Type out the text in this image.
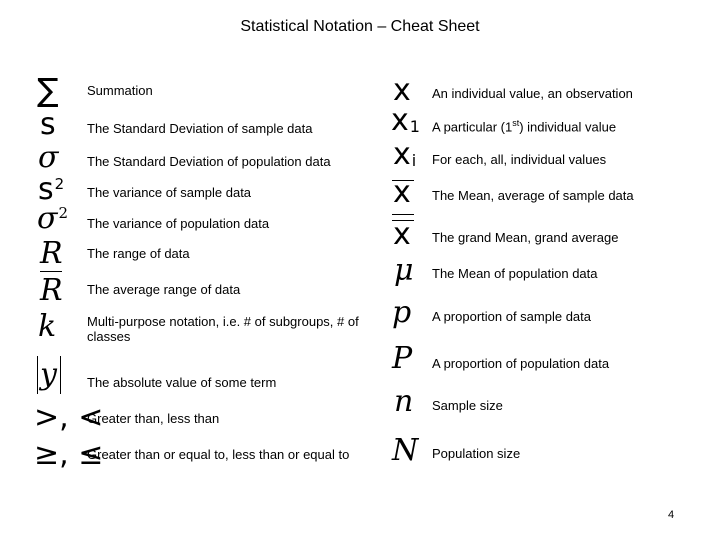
Statistical Notation – Cheat Sheet
∑ Summation
s The Standard Deviation of sample data
σ The Standard Deviation of population data
$s^2$ The variance of sample data
$\sigma^2$
The variance of population data
R The range of data
R The average range of data
k Multi-purpose notation, i.e. # of subgroups, # of classes
y The absolute value of some term
>, <
Greater than, less than
≥, ≤
Greater than or equal to, less than or equal to
x An individual value, an observation
$x_1$ A particular (1st) individual value
$x_i$ For each, all, individual values
x The Mean, average of sample data
x The grand Mean, grand average
μ The Mean of population data
p A proportion of sample data
P A proportion of population data
n Sample size
N Population size
4
